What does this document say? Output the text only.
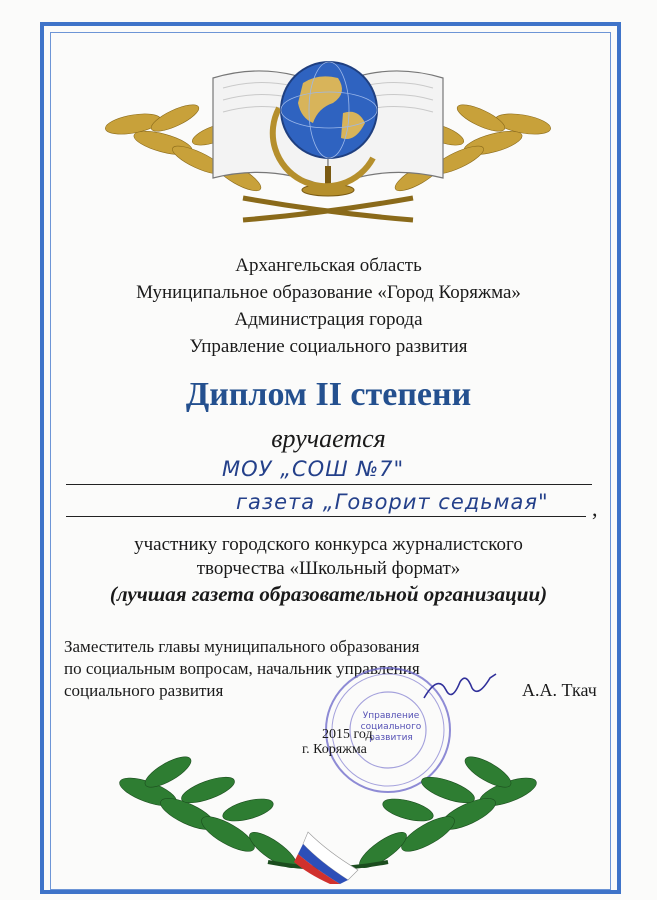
Архангельская область
Муниципальное образование «Город Коряжма»
Администрация города
Управление социального развития
Диплом II степени
вручается
МОУ „СОШ №7"
газета „Говорит седьмая" ,
участнику городского конкурса журналистского
творчества «Школьный формат»
(лучшая газета образовательной организации)
Заместитель главы муниципального образования
по социальным вопросам, начальник управления
социального развития	А.А. Ткач
Управление
социального
развития
2015 год
г. Коряжма
